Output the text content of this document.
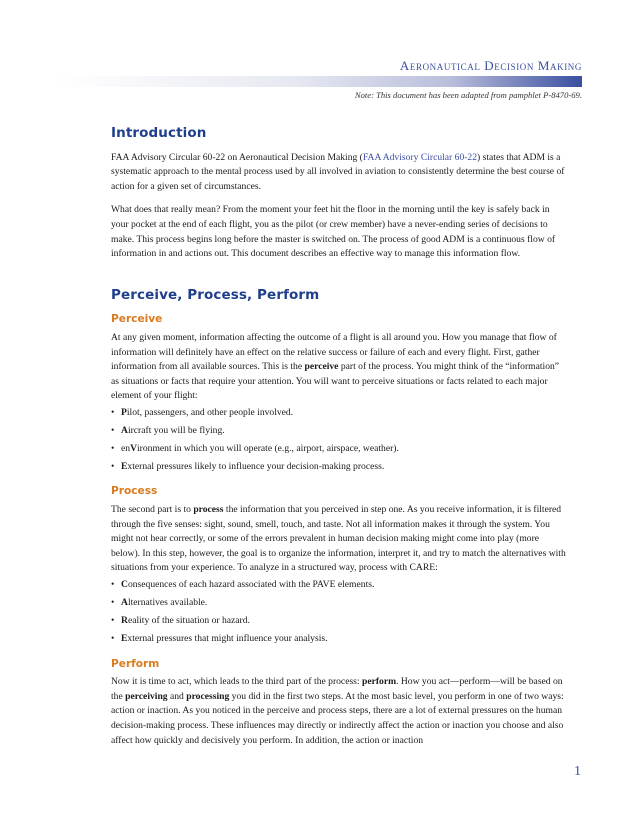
Aeronautical Decision Making
Note: This document has been adapted from pamphlet P-8470-69.
Introduction

FAA Advisory Circular 60-22 on Aeronautical Decision Making (FAA Advisory Circular 60-22) states that ADM is a systematic approach to the mental process used by all involved in aviation to consistently determine the best course of action for a given set of circumstances.

What does that really mean? From the moment your feet hit the floor in the morning until the key is safely back in your pocket at the end of each flight, you as the pilot (or crew member) have a never-ending series of decisions to make. This process begins long before the master is switched on. The process of good ADM is a continuous flow of information in and actions out. This document describes an effective way to manage this information flow.

Perceive, Process, Perform
Perceive

At any given moment, information affecting the outcome of a flight is all around you. How you manage that flow of information will definitely have an effect on the relative success or failure of each and every flight. First, gather information from all available sources. This is the perceive part of the process. You might think of the “information” as situations or facts that require your attention. You will want to perceive situations or facts related to each major element of your flight:

• Pilot, passengers, and other people involved.
• Aircraft you will be flying.
• enVironment in which you will operate (e.g., airport, airspace, weather).
• External pressures likely to influence your decision-making process.
Process

The second part is to process the information that you perceived in step one. As you receive information, it is filtered through the five senses: sight, sound, smell, touch, and taste. Not all information makes it through the system. You might not hear correctly, or some of the errors prevalent in human decision making might come into play (more below). In this step, however, the goal is to organize the information, interpret it, and try to match the alternatives with situations from your experience. To analyze in a structured way, process with CARE:

• Consequences of each hazard associated with the PAVE elements.
• Alternatives available.
• Reality of the situation or hazard.
• External pressures that might influence your analysis.
Perform

Now it is time to act, which leads to the third part of the process: perform. How you act—perform—will be based on the perceiving and processing you did in the first two steps. At the most basic level, you perform in one of two ways: action or inaction. As you noticed in the perceive and process steps, there are a lot of external pressures on the human decision-making process. These influences may directly or indirectly affect the action or inaction you choose and also affect how quickly and decisively you perform. In addition, the action or inaction

1
